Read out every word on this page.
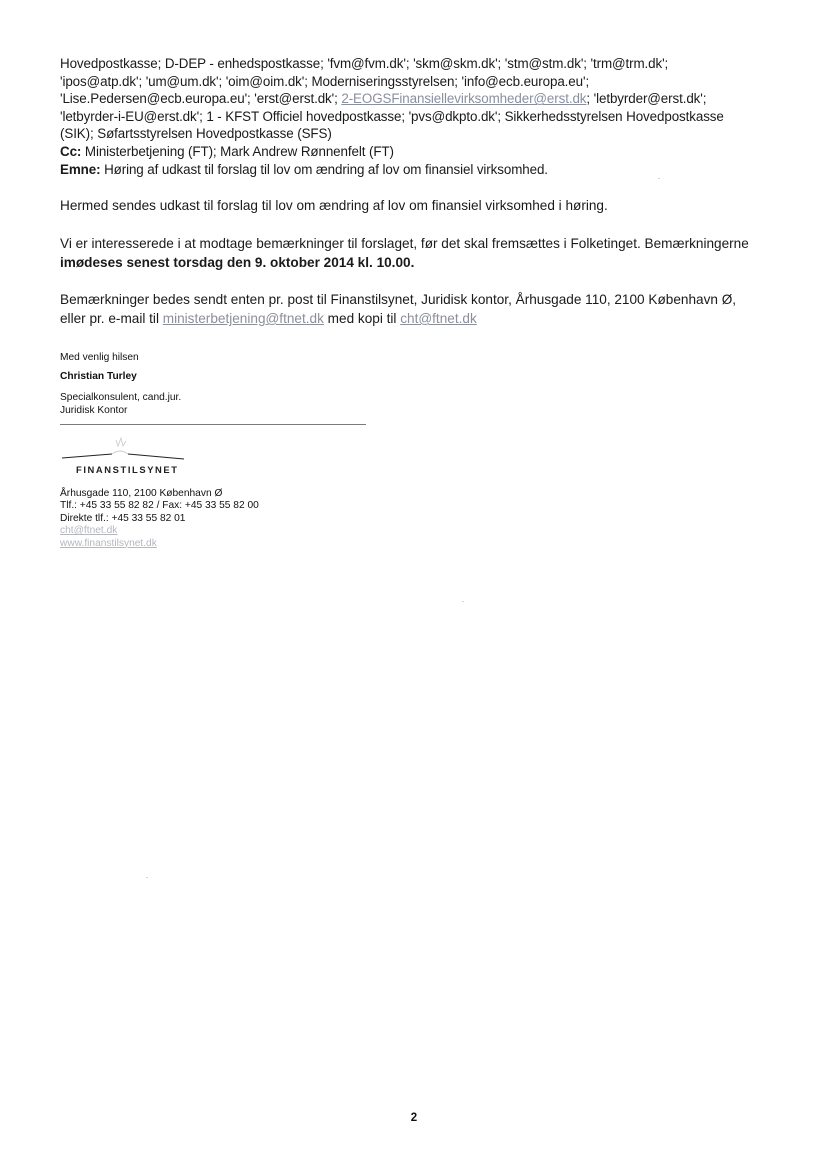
Hovedpostkasse; D-DEP - enhedspostkasse; 'fvm@fvm.dk'; 'skm@skm.dk'; 'stm@stm.dk'; 'trm@trm.dk';
'ipos@atp.dk'; 'um@um.dk'; 'oim@oim.dk'; Moderniseringsstyrelsen; 'info@ecb.europa.eu';
'Lise.Pedersen@ecb.europa.eu'; 'erst@erst.dk'; 2-EOGSFinansiellevirksomheder@erst.dk; 'letbyrder@erst.dk';
'letbyrder-i-EU@erst.dk'; 1 - KFST Officiel hovedpostkasse; 'pvs@dkpto.dk'; Sikkerhedsstyrelsen Hovedpostkasse
(SIK); Søfartsstyrelsen Hovedpostkasse (SFS)
Cc: Ministerbetjening (FT); Mark Andrew Rønnenfelt (FT)
Emne: Høring af udkast til forslag til lov om ændring af lov om finansiel virksomhed.
Hermed sendes udkast til forslag til lov om ændring af lov om finansiel virksomhed i høring.
Vi er interesserede i at modtage bemærkninger til forslaget, før det skal fremsættes i Folketinget. Bemærkningerne
imødeses senest torsdag den 9. oktober 2014 kl. 10.00.
Bemærkninger bedes sendt enten pr. post til Finanstilsynet, Juridisk kontor, Århusgade 110, 2100 København Ø,
eller pr. e-mail til ministerbetjening@ftnet.dk med kopi til cht@ftnet.dk
Med venlig hilsen
Christian Turley
Specialkonsulent, cand.jur.
Juridisk Kontor
FINANSTILSYNET
Århusgade 110, 2100 København Ø
Tlf.: +45 33 55 82 82 / Fax: +45 33 55 82 00
Direkte tlf.: +45 33 55 82 01
cht@ftnet.dk
www.finanstilsynet.dk
2
